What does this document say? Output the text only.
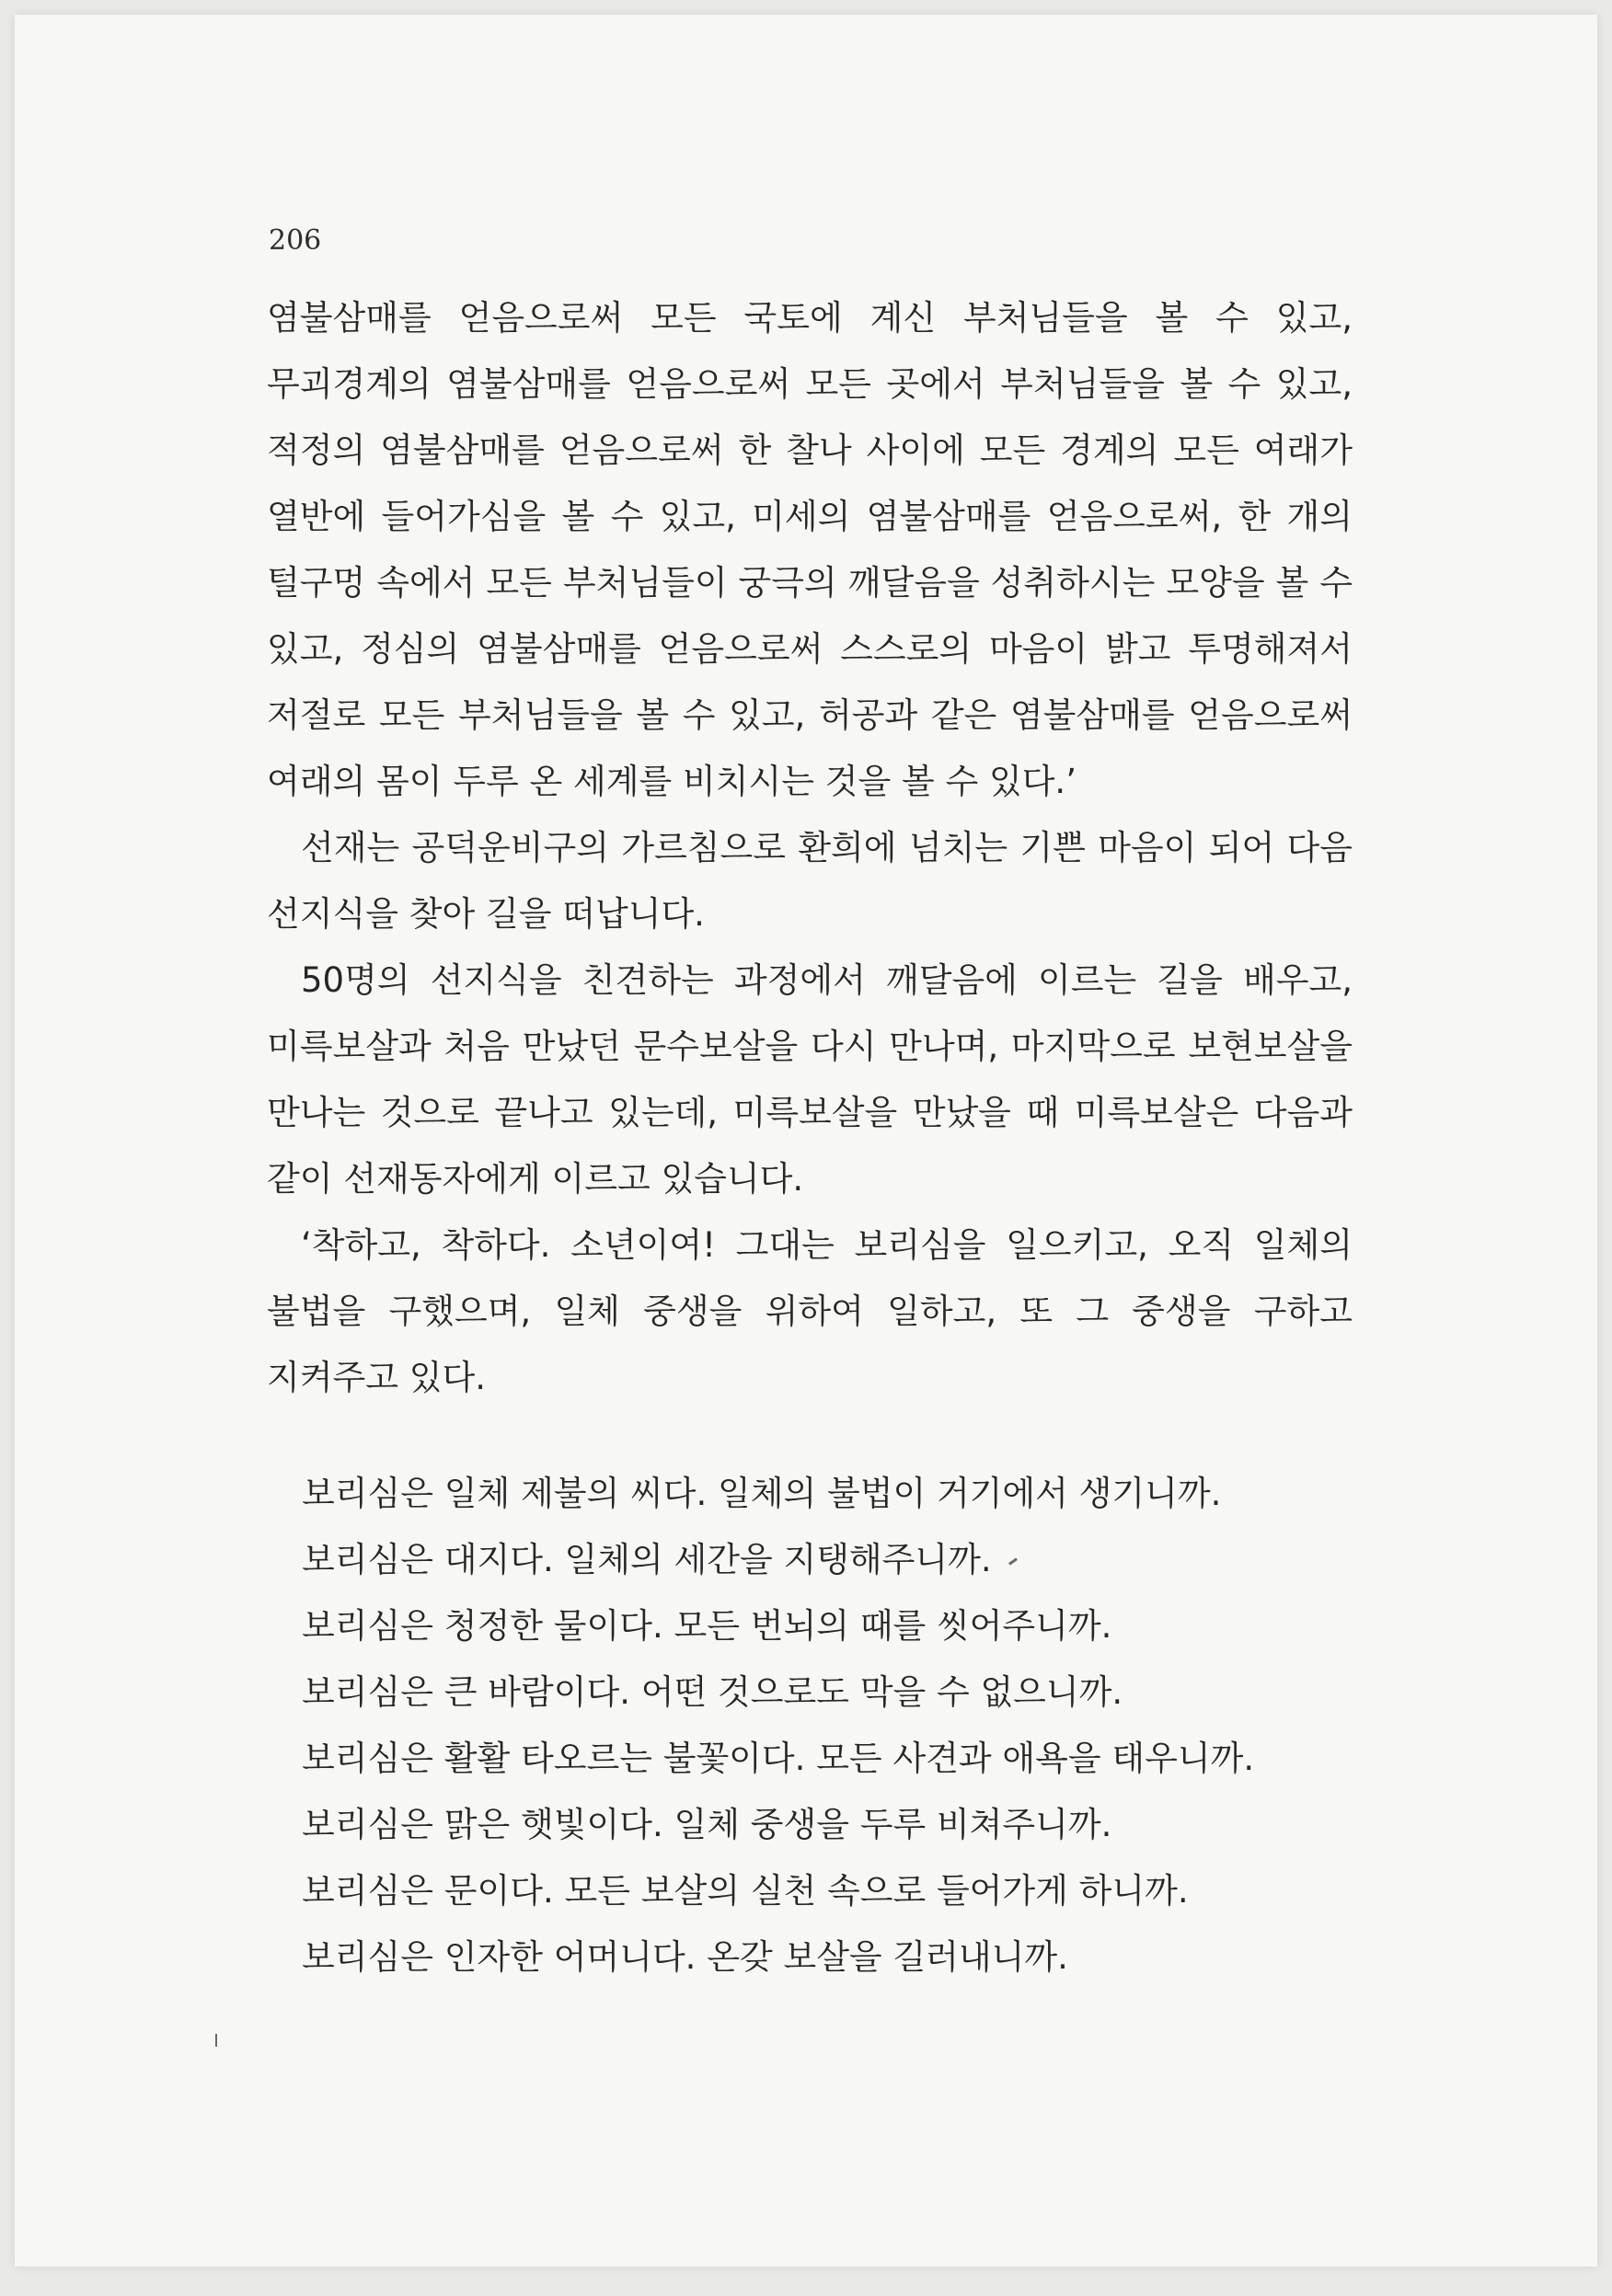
206

염불삼매를 얻음으로써 모든 국토에 계신 부처님들을 볼 수 있고, 무괴경계의 염불삼매를 얻음으로써 모든 곳에서 부처님들을 볼 수 있고, 적정의 염불삼매를 얻음으로써 한 찰나 사이에 모든 경계의 모든 여래가 열반에 들어가심을 볼 수 있고, 미세의 염불삼매를 얻음으로써, 한 개의 털구멍 속에서 모든 부처님들이 궁극의 깨달음을 성취하시는 모양을 볼 수 있고, 정심의 염불삼매를 얻음으로써 스스로의 마음이 밝고 투명해져서 저절로 모든 부처님들을 볼 수 있고, 허공과 같은 염불삼매를 얻음으로써 여래의 몸이 두루 온 세계를 비치시는 것을 볼 수 있다.’

선재는 공덕운비구의 가르침으로 환희에 넘치는 기쁜 마음이 되어 다음 선지식을 찾아 길을 떠납니다.

50명의 선지식을 친견하는 과정에서 깨달음에 이르는 길을 배우고, 미륵보살과 처음 만났던 문수보살을 다시 만나며, 마지막으로 보현보살을 만나는 것으로 끝나고 있는데, 미륵보살을 만났을 때 미륵보살은 다음과 같이 선재동자에게 이르고 있습니다.

‘착하고, 착하다. 소년이여! 그대는 보리심을 일으키고, 오직 일체의 불법을 구했으며, 일체 중생을 위하여 일하고, 또 그 중생을 구하고 지켜주고 있다.

보리심은 일체 제불의 씨다. 일체의 불법이 거기에서 생기니까.
보리심은 대지다. 일체의 세간을 지탱해주니까.
보리심은 청정한 물이다. 모든 번뇌의 때를 씻어주니까.
보리심은 큰 바람이다. 어떤 것으로도 막을 수 없으니까.
보리심은 활활 타오르는 불꽃이다. 모든 사견과 애욕을 태우니까.
보리심은 맑은 햇빛이다. 일체 중생을 두루 비쳐주니까.
보리심은 문이다. 모든 보살의 실천 속으로 들어가게 하니까.
보리심은 인자한 어머니다. 온갖 보살을 길러내니까.
